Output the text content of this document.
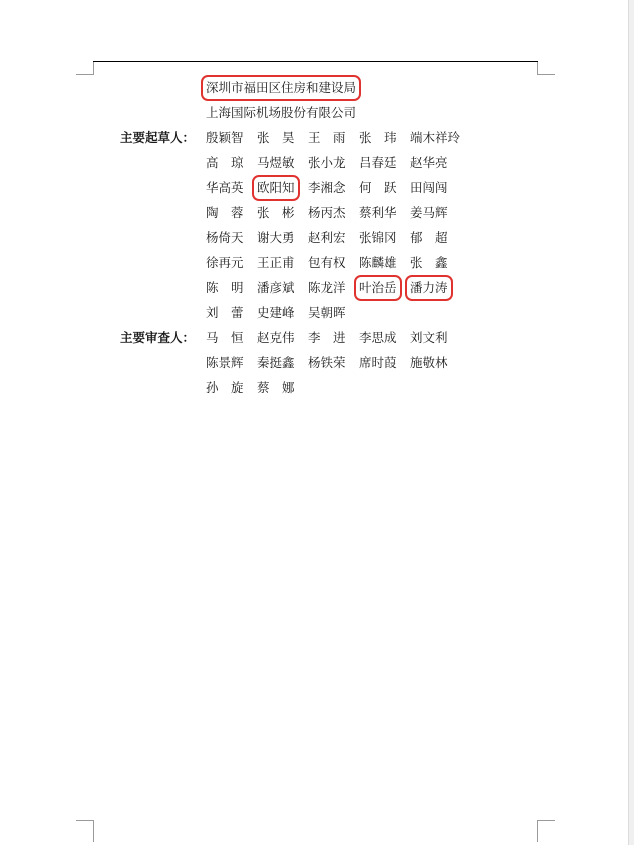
深圳市福田区住房和建设局
上海国际机场股份有限公司
主要起草人： 殷颖智 张　昊 王　雨 张　玮 端木祥玲
高　琼 马煜敏 张小龙 吕春廷 赵华亮
华高英 欧阳知 李湘念 何　跃 田闯闯
陶　蓉 张　彬 杨丙杰 蔡利华 姜马辉
杨倚天 谢大勇 赵利宏 张锦冈 郁　超
徐再元 王正甫 包有权 陈麟雄 张　鑫
陈　明 潘彦斌 陈龙洋 叶治岳 潘力涛
刘　蕾 史建峰 吴朝晖
主要审查人： 马　恒 赵克伟 李　进 李思成 刘文利
陈景辉 秦挺鑫 杨铁荣 席时葭 施敬林
孙　旋 蔡　娜
